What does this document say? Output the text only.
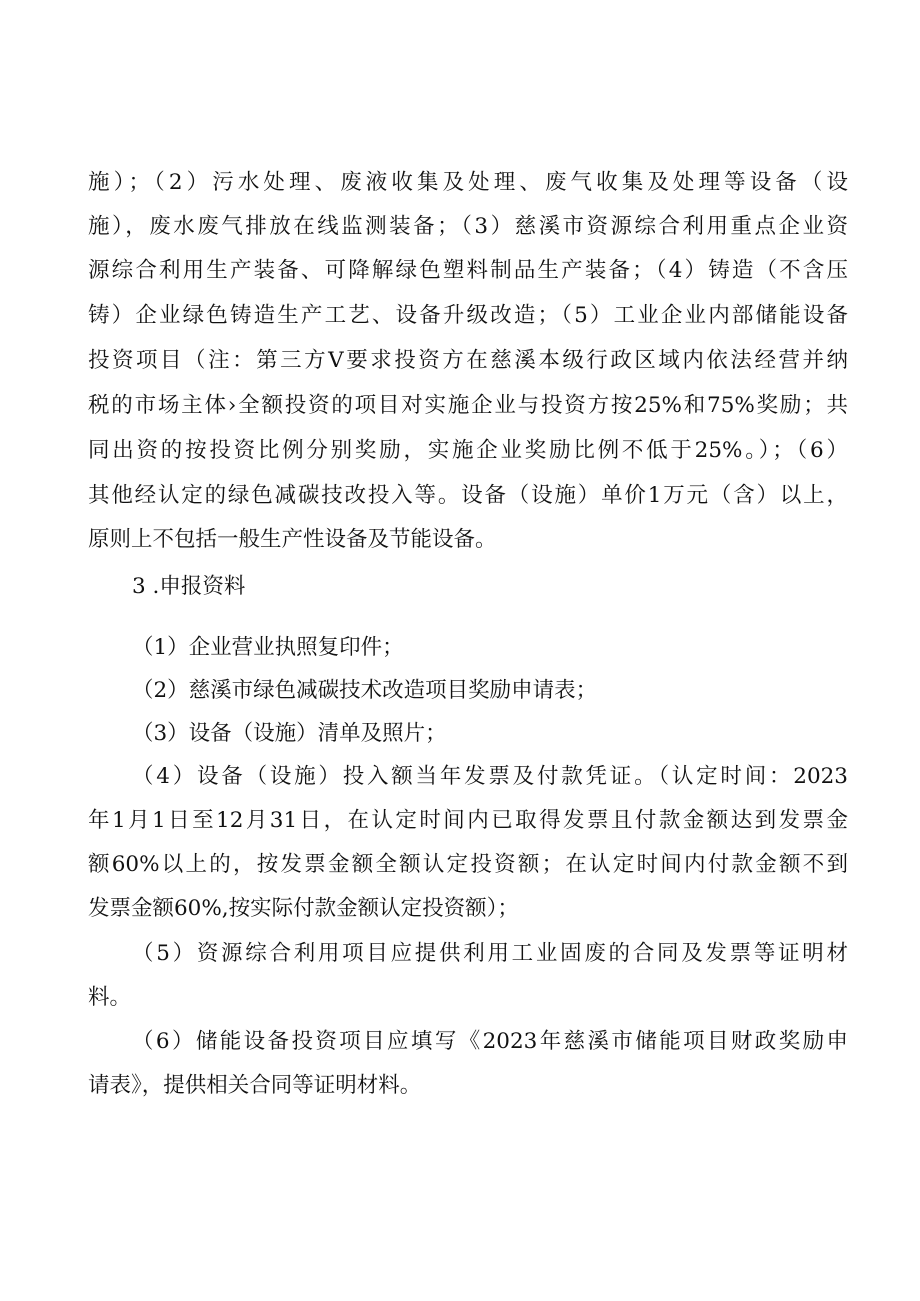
施）；（2）污水处理、废液收集及处理、废气收集及处理等设备（设
施），废水废气排放在线监测装备；（3）慈溪市资源综合利用重点企业资
源综合利用生产装备、可降解绿色塑料制品生产装备；（4）铸造（不含压
铸）企业绿色铸造生产工艺、设备升级改造；（5）工业企业内部储能设备
投资项目（注：第三方V要求投资方在慈溪本级行政区域内依法经营并纳
税的市场主体›全额投资的项目对实施企业与投资方按25%和75%奖励；共
同出资的按投资比例分别奖励，实施企业奖励比例不低于25%。）；（6）
其他经认定的绿色减碳技改投入等。设备（设施）单价1万元（含）以上，
原则上不包括一般生产性设备及节能设备。
3 .申报资料
（1）企业营业执照复印件；
（2）慈溪市绿色减碳技术改造项目奖励申请表；
（3）设备（设施）清单及照片；
（4）设备（设施）投入额当年发票及付款凭证。（认定时间：2023
年1月1日至12月31日，在认定时间内已取得发票且付款金额达到发票金
额60%以上的，按发票金额全额认定投资额；在认定时间内付款金额不到
发票金额60%,按实际付款金额认定投资额）；
（5）资源综合利用项目应提供利用工业固废的合同及发票等证明材
料。
（6）储能设备投资项目应填写《2023年慈溪市储能项目财政奖励申
请表》，提供相关合同等证明材料。
